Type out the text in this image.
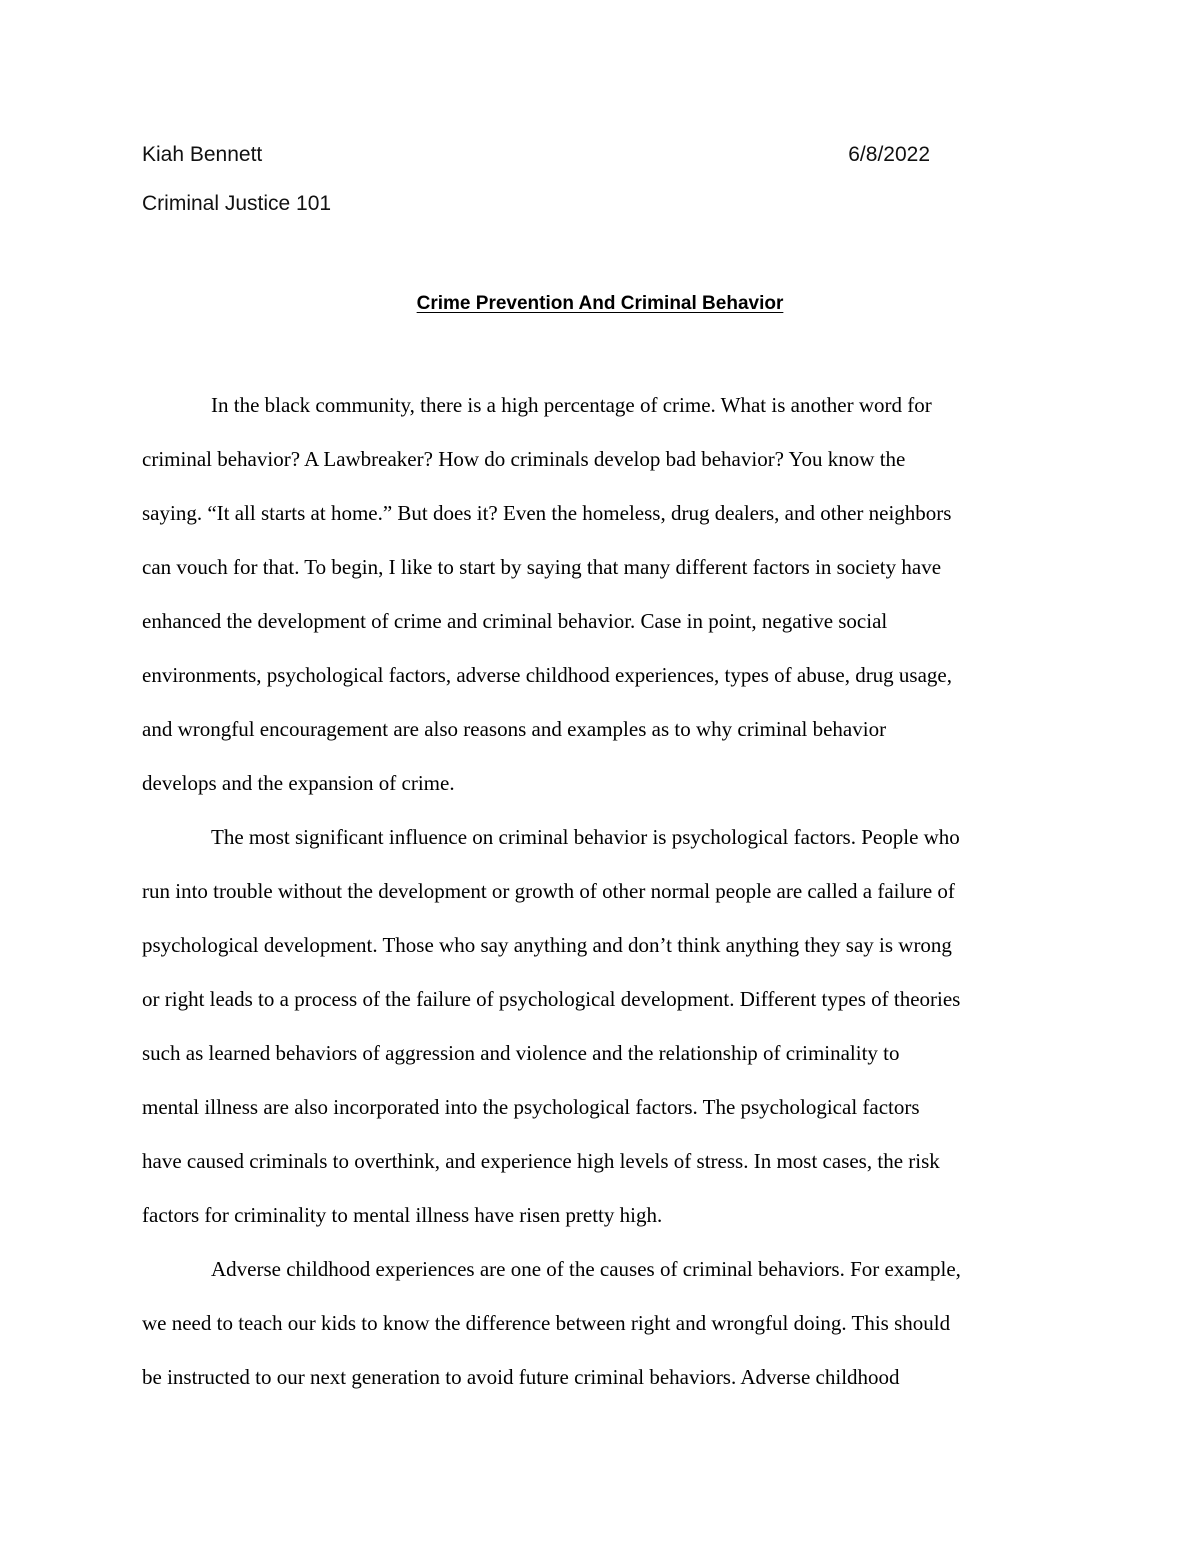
Kiah Bennett	6/8/2022
Criminal Justice 101
Crime Prevention And Criminal Behavior
In the black community, there is a high percentage of crime. What is another word for
criminal behavior? A Lawbreaker? How do criminals develop bad behavior? You know the
saying. “It all starts at home.” But does it? Even the homeless, drug dealers, and other neighbors
can vouch for that. To begin, I like to start by saying that many different factors in society have
enhanced the development of crime and criminal behavior. Case in point, negative social
environments, psychological factors, adverse childhood experiences, types of abuse, drug usage,
and wrongful encouragement are also reasons and examples as to why criminal behavior
develops and the expansion of crime.
The most significant influence on criminal behavior is psychological factors. People who
run into trouble without the development or growth of other normal people are called a failure of
psychological development. Those who say anything and don’t think anything they say is wrong
or right leads to a process of the failure of psychological development. Different types of theories
such as learned behaviors of aggression and violence and the relationship of criminality to
mental illness are also incorporated into the psychological factors. The psychological factors
have caused criminals to overthink, and experience high levels of stress. In most cases, the risk
factors for criminality to mental illness have risen pretty high.
Adverse childhood experiences are one of the causes of criminal behaviors. For example,
we need to teach our kids to know the difference between right and wrongful doing. This should
be instructed to our next generation to avoid future criminal behaviors. Adverse childhood
